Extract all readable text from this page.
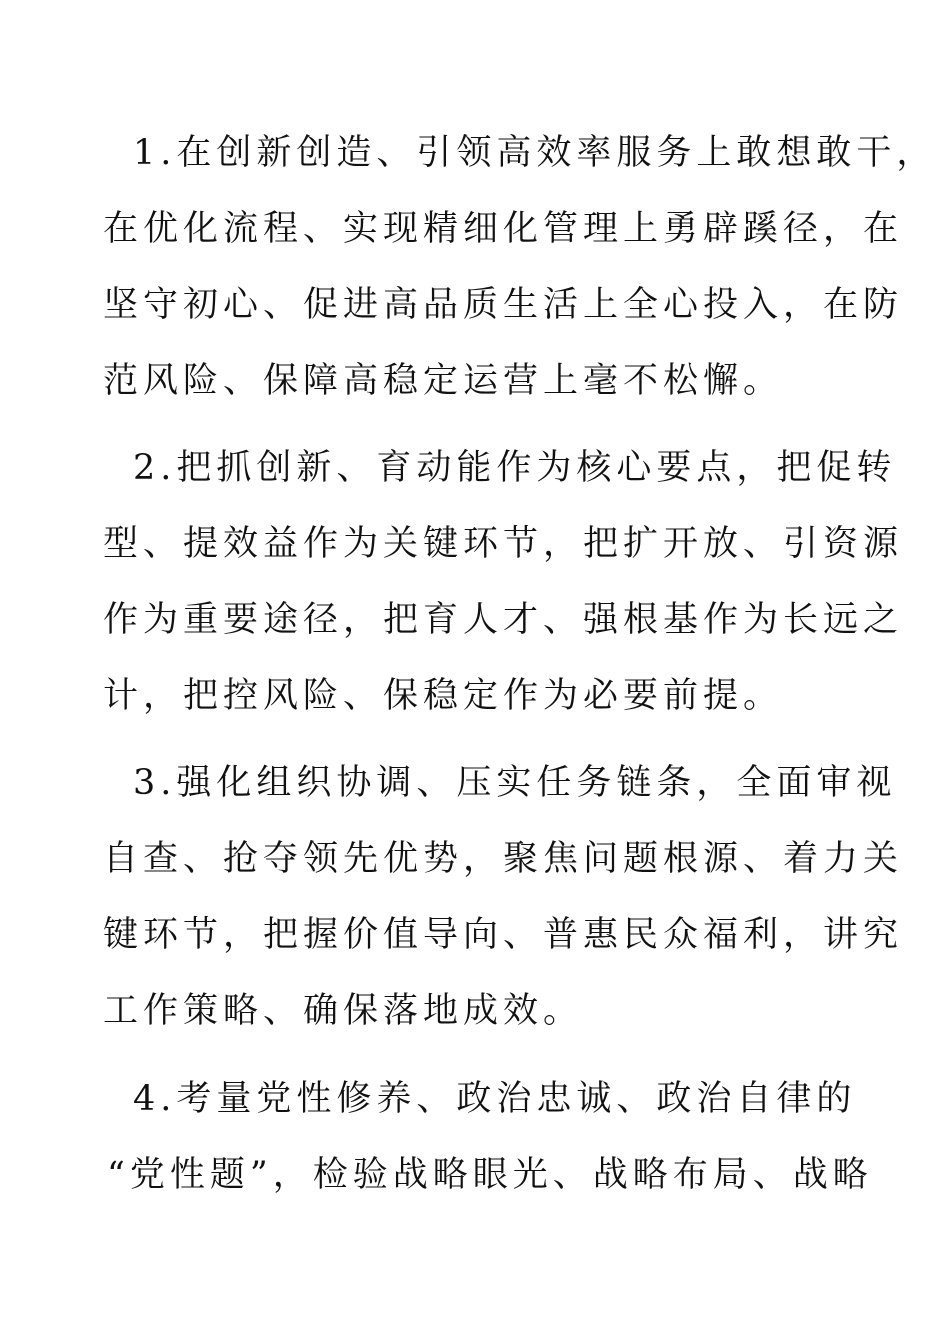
1.在创新创造、引领高效率服务上敢想敢干，
在优化流程、实现精细化管理上勇辟蹊径，在
坚守初心、促进高品质生活上全心投入，在防
范风险、保障高稳定运营上毫不松懈。
2.把抓创新、育动能作为核心要点，把促转
型、提效益作为关键环节，把扩开放、引资源
作为重要途径，把育人才、强根基作为长远之
计，把控风险、保稳定作为必要前提。
3.强化组织协调、压实任务链条，全面审视
自查、抢夺领先优势，聚焦问题根源、着力关
键环节，把握价值导向、普惠民众福利，讲究
工作策略、确保落地成效。
4.考量党性修养、政治忠诚、政治自律的
“党性题”，检验战略眼光、战略布局、战略
